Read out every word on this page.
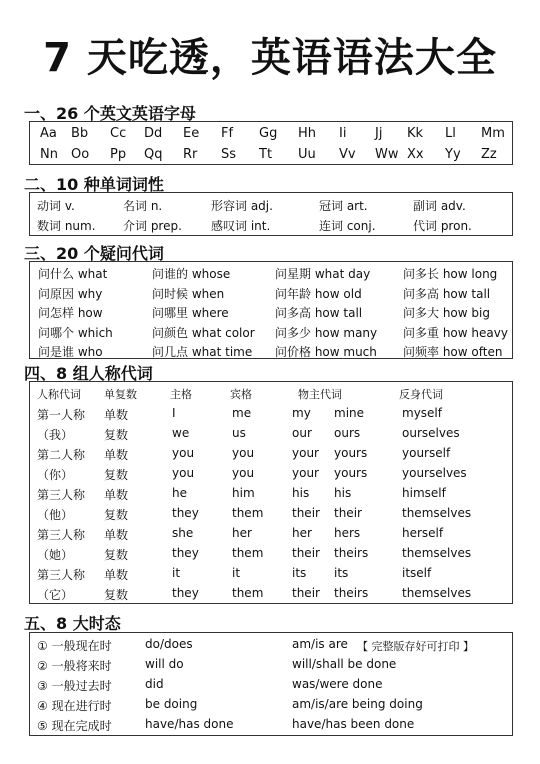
7 天吃透，英语语法大全
一、26 个英文英语字母
Aa Bb Cc Dd Ee Ff Gg Hh Ii Jj Kk Ll Mm
Nn Oo Pp Qq Rr Ss Tt Uu Vv Ww Xx Yy Zz
二、10 种单词词性
动词 v.	名词 n.	形容词 adj.	冠词 art.	副词 adv.
数词 num. 介词 prep. 感叹词 int.	连词 conj.	代词 pron.
三、20 个疑问代词
问什么 what	问谁的 whose	问星期 what day	问多长 how long
问原因 why	问时候 when	问年龄 how old	问多高 how tall
问怎样 how	问哪里 where	问多高 how tall	问多大 how big
问哪个 which	问颜色 what color 问多少 how many 问多重 how heavy
问是谁 who	问几点 what time 问价格 how much 问频率 how often
四、8 组人称代词
人称代词 单复数	主格	宾格	物主代词	反身代词
第一人称 单数	I	me	my mine	myself
（我）	复数	we	us	our ours	ourselves
第二人称 单数	you	you	your yours	yourself
（你）	复数	you	you	your yours	yourselves
第三人称 单数	he	him	his his	himself
（他）	复数	they	them their their	themselves
第三人称 单数	she	her	her hers	herself
（她）	复数	they	them their theirs	themselves
第三人称 单数	it	it	its its	itself
（它）	复数	they	them their theirs	themselves
五、8 大时态
① 一般现在时	do/does	am/is are
② 一般将来时	will do	will/shall be done
③ 一般过去时	did	was/were done
④ 现在进行时	be doing	am/is/are being doing
⑤ 现在完成时	have/has done	have/has been done
【 完整版存好可打印 】
